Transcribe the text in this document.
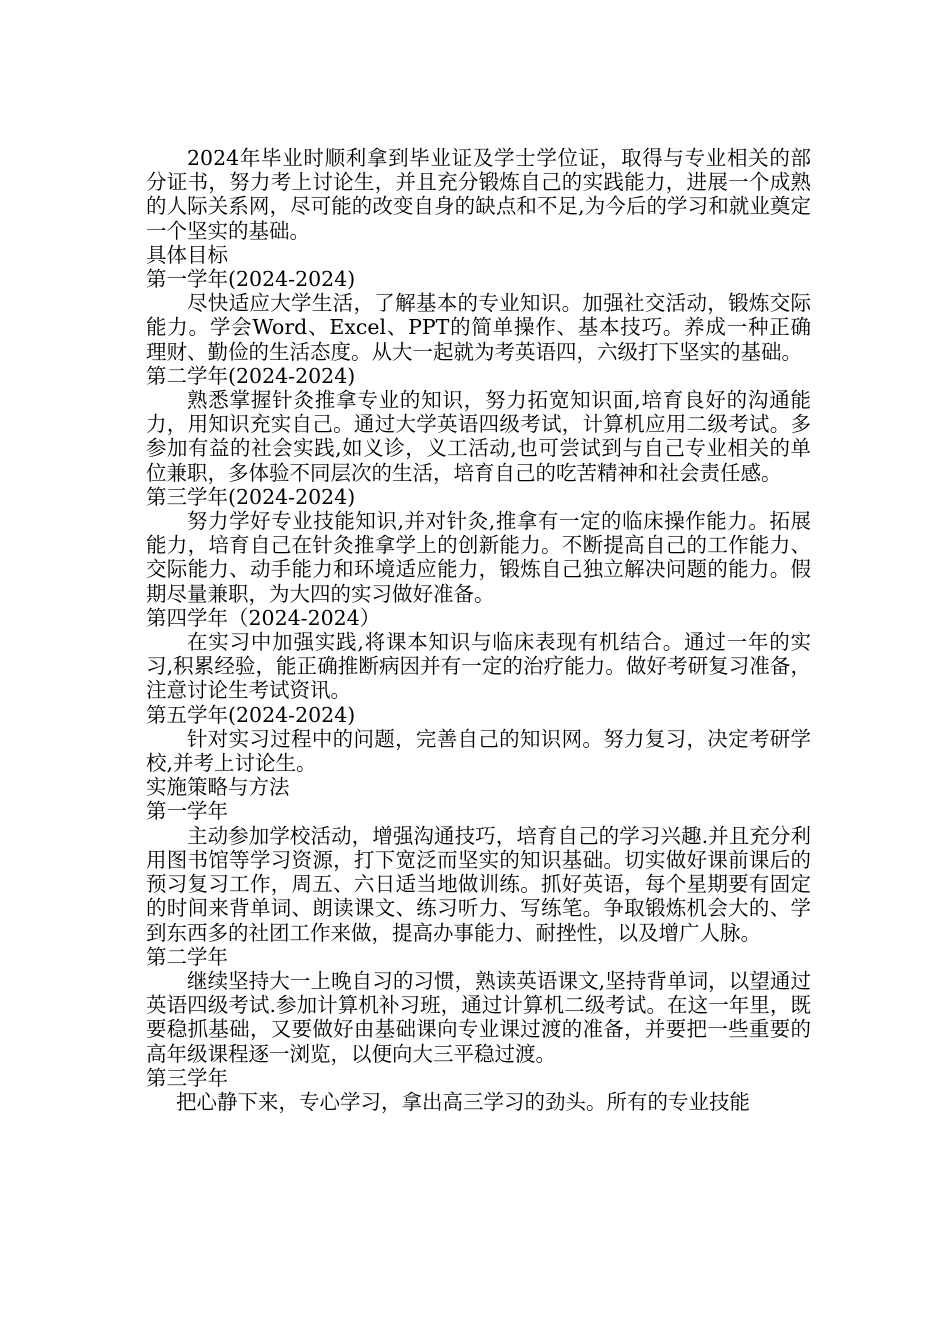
2024年毕业时顺利拿到毕业证及学士学位证，取得与专业相关的部分证书，努力考上讨论生，并且充分锻炼自己的实践能力，进展一个成熟的人际关系网，尽可能的改变自身的缺点和不足,为今后的学习和就业奠定一个坚实的基础。

具体目标

第一学年(2024-2024)

尽快适应大学生活，了解基本的专业知识。加强社交活动，锻炼交际能力。学会Word、Excel、PPT的简单操作、基本技巧。养成一种正确理财、勤俭的生活态度。从大一起就为考英语四，六级打下坚实的基础。

第二学年(2024-2024)

熟悉掌握针灸推拿专业的知识，努力拓宽知识面,培育良好的沟通能力，用知识充实自己。通过大学英语四级考试，计算机应用二级考试。多参加有益的社会实践,如义诊，义工活动,也可尝试到与自己专业相关的单位兼职，多体验不同层次的生活，培育自己的吃苦精神和社会责任感。

第三学年(2024-2024)

努力学好专业技能知识,并对针灸,推拿有一定的临床操作能力。拓展能力，培育自己在针灸推拿学上的创新能力。不断提高自己的工作能力、交际能力、动手能力和环境适应能力，锻炼自己独立解决问题的能力。假期尽量兼职，为大四的实习做好准备。

第四学年（2024-2024）

在实习中加强实践,将课本知识与临床表现有机结合。通过一年的实习,积累经验，能正确推断病因并有一定的治疗能力。做好考研复习准备，注意讨论生考试资讯。

第五学年(2024-2024)

针对实习过程中的问题，完善自己的知识网。努力复习，决定考研学校,并考上讨论生。

实施策略与方法

第一学年

主动参加学校活动，增强沟通技巧，培育自己的学习兴趣.并且充分利用图书馆等学习资源，打下宽泛而坚实的知识基础。切实做好课前课后的预习复习工作，周五、六日适当地做训练。抓好英语，每个星期要有固定的时间来背单词、朗读课文、练习听力、写练笔。争取锻炼机会大的、学到东西多的社团工作来做，提高办事能力、耐挫性，以及增广人脉。

第二学年

继续坚持大一上晚自习的习惯，熟读英语课文,坚持背单词，以望通过英语四级考试.参加计算机补习班，通过计算机二级考试。在这一年里，既要稳抓基础，又要做好由基础课向专业课过渡的准备，并要把一些重要的高年级课程逐一浏览，以便向大三平稳过渡。

第三学年

把心静下来，专心学习，拿出高三学习的劲头。所有的专业技能
